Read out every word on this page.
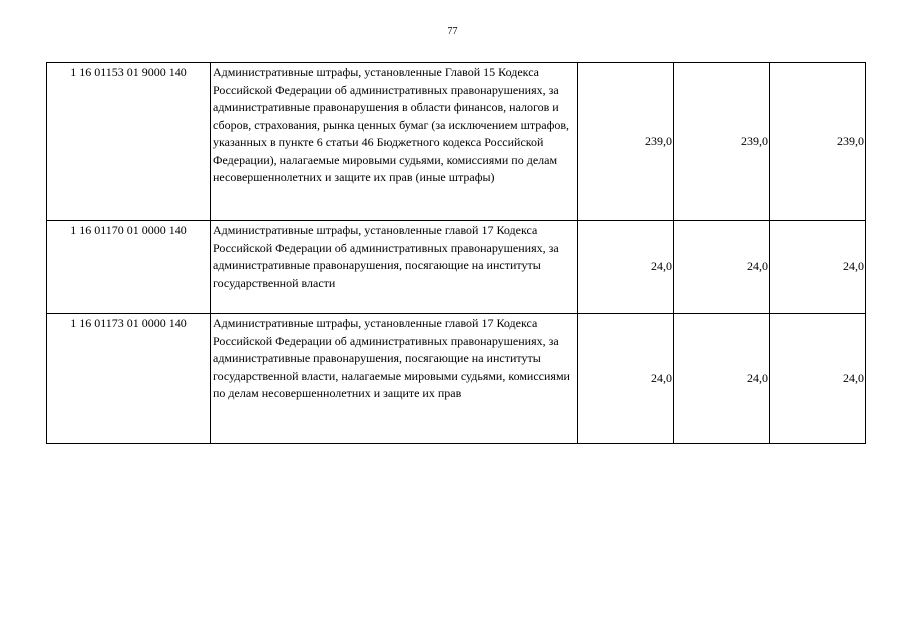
77
1 16 01153 01 9000 140	Административные штрафы, установленные Главой 15 Кодекса Российской Федерации об административных правонарушениях, за административные правонарушения в области финансов, налогов и сборов, страхования, рынка ценных бумаг (за исключением штрафов, указанных в пункте 6 статьи 46 Бюджетного кодекса Российской Федерации), налагаемые мировыми судьями, комиссиями по делам несовершеннолетних и защите их прав (иные штрафы)	239,0	239,0	239,0
1 16 01170 01 0000 140	Административные штрафы, установленные главой 17 Кодекса Российской Федерации об административных правонарушениях, за административные правонарушения, посягающие на институты государственной власти	24,0	24,0	24,0
1 16 01173 01 0000 140	Административные штрафы, установленные главой 17 Кодекса Российской Федерации об административных правонарушениях, за административные правонарушения, посягающие на институты государственной власти, налагаемые мировыми судьями, комиссиями по делам несовершеннолетних и защите их прав	24,0	24,0	24,0
